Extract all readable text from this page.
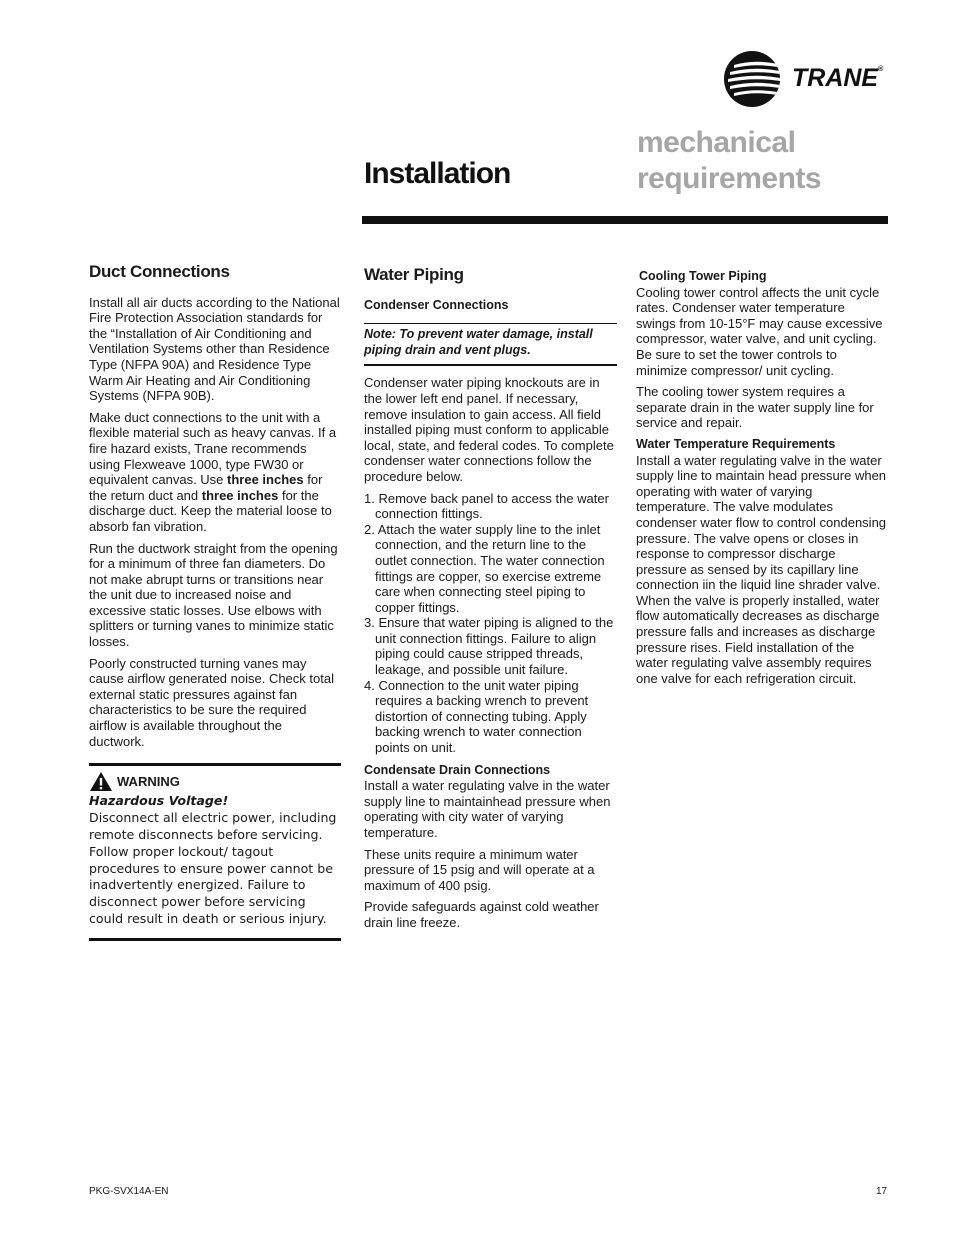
TRANE®
Installation
mechanical
requirements
Duct Connections

Install all air ducts according to the National Fire Protection Association standards for the “Installation of Air Conditioning and Ventilation Systems other than Residence Type (NFPA 90A) and Residence Type Warm Air Heating and Air Conditioning Systems (NFPA 90B).

Make duct connections to the unit with a flexible material such as heavy canvas. If a fire hazard exists, Trane recommends using Flexweave 1000, type FW30 or equivalent canvas. Use three inches for the return duct and three inches for the discharge duct. Keep the material loose to absorb fan vibration.

Run the ductwork straight from the opening for a minimum of three fan diameters. Do not make abrupt turns or transitions near the unit due to increased noise and excessive static losses. Use elbows with splitters or turning vanes to minimize static losses.

Poorly constructed turning vanes may cause airflow generated noise. Check total external static pressures against fan characteristics to be sure the required airflow is available throughout the ductwork.

WARNING
Hazardous Voltage!
Disconnect all electric power, including remote disconnects before servicing. Follow proper lockout/ tagout procedures to ensure power cannot be inadvertently energized. Failure to disconnect power before servicing could result in death or serious injury.
Water Piping
Condenser Connections
Note: To prevent water damage, install piping drain and vent plugs.

Condenser water piping knockouts are in the lower left end panel. If necessary, remove insulation to gain access. All field installed piping must conform to applicable local, state, and federal codes. To complete condenser water connections follow the procedure below.

1. Remove back panel to access the water connection fittings.
2. Attach the water supply line to the inlet connection, and the return line to the outlet connection. The water connection fittings are copper, so exercise extreme care when connecting steel piping to copper fittings.
3. Ensure that water piping is aligned to the unit connection fittings. Failure to align piping could cause stripped threads, leakage, and possible unit failure.
4. Connection to the unit water piping requires a backing wrench to prevent distortion of connecting tubing. Apply backing wrench to water connection points on unit.
Condensate Drain Connections

Install a water regulating valve in the water supply line to maintainhead pressure when operating with city water of varying temperature.

These units require a minimum water pressure of 15 psig and will operate at a maximum of 400 psig.

Provide safeguards against cold weather drain line freeze.

Cooling Tower Piping

Cooling tower control affects the unit cycle rates. Condenser water temperature swings from 10-15°F may cause excessive compressor, water valve, and unit cycling. Be sure to set the tower controls to minimize compressor/ unit cycling.

The cooling tower system requires a separate drain in the water supply line for service and repair.

Water Temperature Requirements

Install a water regulating valve in the water supply line to maintain head pressure when operating with water of varying temperature. The valve modulates condenser water flow to control condensing pressure. The valve opens or closes in response to compressor discharge pressure as sensed by its capillary line connection iin the liquid line shrader valve. When the valve is properly installed, water flow automatically decreases as discharge pressure falls and increases as discharge pressure rises. Field installation of the water regulating valve assembly requires one valve for each refrigeration circuit.

PKG-SVX14A-EN	17
